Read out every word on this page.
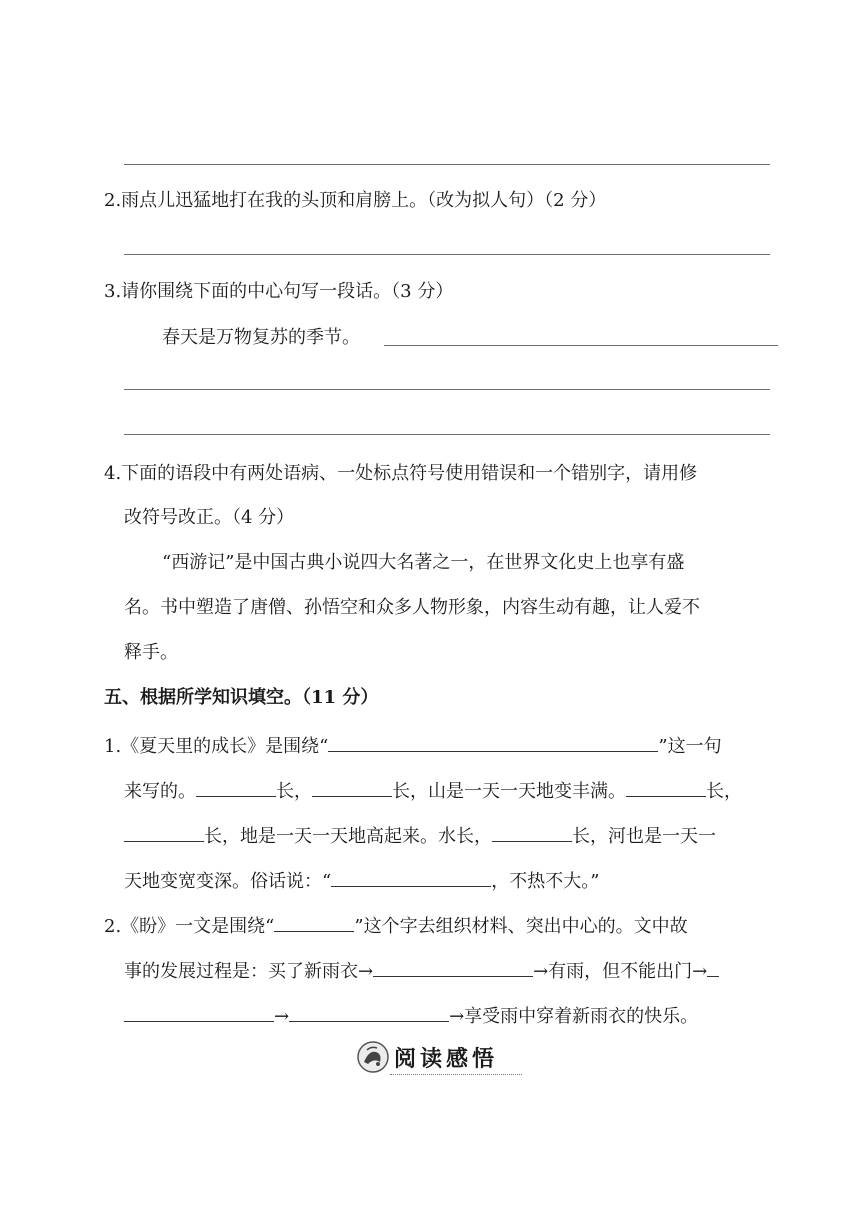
2.雨点儿迅猛地打在我的头顶和肩膀上。（改为拟人句）（2 分）
3.请你围绕下面的中心句写一段话。（3 分）
春天是万物复苏的季节。
4.下面的语段中有两处语病、一处标点符号使用错误和一个错别字，请用修
改符号改正。（4 分）
“西游记”是中国古典小说四大名著之一，在世界文化史上也享有盛
名。书中塑造了唐僧、孙悟空和众多人物形象，内容生动有趣，让人爱不
释手。
五、根据所学知识填空。（11 分）
1.《夏天里的成长》是围绕“	”这一句
来写的。	长，	长，山是一天一天地变丰满。	长，
长，地是一天一天地高起来。水长，	长，河也是一天一
天地变宽变深。俗话说：“	，不热不大。”
2.《盼》一文是围绕“	”这个字去组织材料、突出中心的。文中故
事的发展过程是：买了新雨衣→	→有雨，但不能出门→
→	→享受雨中穿着新雨衣的快乐。
阅读感悟
